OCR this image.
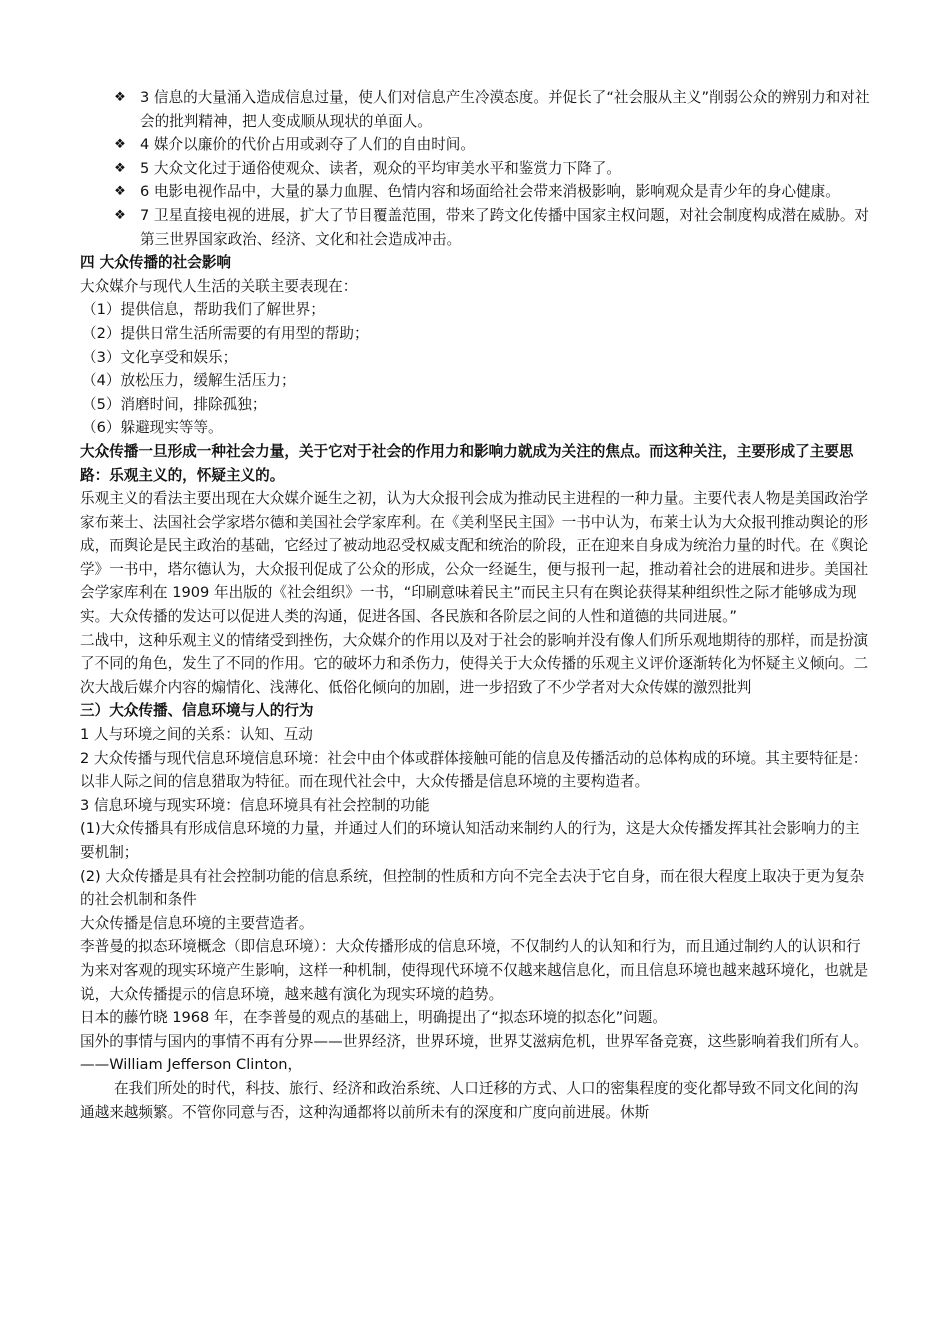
❖ 3 信息的大量涌入造成信息过量，使人们对信息产生冷漠态度。并促长了“社会服从主义”削弱公众的辨别力和对社会的批判精神，把人变成顺从现状的单面人。
❖ 4 媒介以廉价的代价占用或剥夺了人们的自由时间。
❖ 5 大众文化过于通俗使观众、读者，观众的平均审美水平和鉴赏力下降了。
❖ 6 电影电视作品中，大量的暴力血腥、色情内容和场面给社会带来消极影响，影响观众是青少年的身心健康。
❖ 7 卫星直接电视的进展，扩大了节目覆盖范围，带来了跨文化传播中国家主权问题，对社会制度构成潜在威胁。对第三世界国家政治、经济、文化和社会造成冲击。

四 大众传播的社会影响

大众媒介与现代人生活的关联主要表现在：

（1）提供信息，帮助我们了解世界；
（2）提供日常生活所需要的有用型的帮助；
（3）文化享受和娱乐；
（4）放松压力，缓解生活压力；
（5）消磨时间，排除孤独；
（6）躲避现实等等。

大众传播一旦形成一种社会力量，关于它对于社会的作用力和影响力就成为关注的焦点。而这种关注，主要形成了主要思路：乐观主义的，怀疑主义的。

乐观主义的看法主要出现在大众媒介诞生之初，认为大众报刊会成为推动民主进程的一种力量。主要代表人物是美国政治学家布莱士、法国社会学家塔尔德和美国社会学家库利。在《美利坚民主国》一书中认为，布莱士认为大众报刊推动舆论的形成，而舆论是民主政治的基础，它经过了被动地忍受权威支配和统治的阶段，正在迎来自身成为统治力量的时代。在《舆论学》一书中，塔尔德认为，大众报刊促成了公众的形成，公众一经诞生，便与报刊一起，推动着社会的进展和进步。美国社会学家库利在 1909 年出版的《社会组织》一书，“印刷意味着民主”而民主只有在舆论获得某种组织性之际才能够成为现实。大众传播的发达可以促进人类的沟通，促进各国、各民族和各阶层之间的人性和道德的共同进展。”

二战中，这种乐观主义的情绪受到挫伤，大众媒介的作用以及对于社会的影响并没有像人们所乐观地期待的那样，而是扮演了不同的角色，发生了不同的作用。它的破坏力和杀伤力，使得关于大众传播的乐观主义评价逐渐转化为怀疑主义倾向。二次大战后媒介内容的煽情化、浅薄化、低俗化倾向的加剧，进一步招致了不少学者对大众传媒的激烈批判

三）大众传播、信息环境与人的行为

1 人与环境之间的关系：认知、互动

2 大众传播与现代信息环境信息环境：社会中由个体或群体接触可能的信息及传播活动的总体构成的环境。其主要特征是：以非人际之间的信息猎取为特征。而在现代社会中，大众传播是信息环境的主要构造者。

3 信息环境与现实环境：信息环境具有社会控制的功能

(1)大众传播具有形成信息环境的力量，并通过人们的环境认知活动来制约人的行为，这是大众传播发挥其社会影响力的主要机制；

(2) 大众传播是具有社会控制功能的信息系统，但控制的性质和方向不完全去决于它自身，而在很大程度上取决于更为复杂的社会机制和条件

大众传播是信息环境的主要营造者。

李普曼的拟态环境概念（即信息环境）：大众传播形成的信息环境，不仅制约人的认知和行为，而且通过制约人的认识和行为来对客观的现实环境产生影响，这样一种机制，使得现代环境不仅越来越信息化，而且信息环境也越来越环境化，也就是说，大众传播提示的信息环境，越来越有演化为现实环境的趋势。

日本的藤竹晓 1968 年，在李普曼的观点的基础上，明确提出了“拟态环境的拟态化”问题。

国外的事情与国内的事情不再有分界——世界经济，世界环境，世界艾滋病危机，世界军备竞赛，这些影响着我们所有人。　　——William Jefferson Clinton，

在我们所处的时代，科技、旅行、经济和政治系统、人口迁移的方式、人口的密集程度的变化都导致不同文化间的沟通越来越频繁。不管你同意与否，这种沟通都将以前所未有的深度和广度向前进展。休斯
